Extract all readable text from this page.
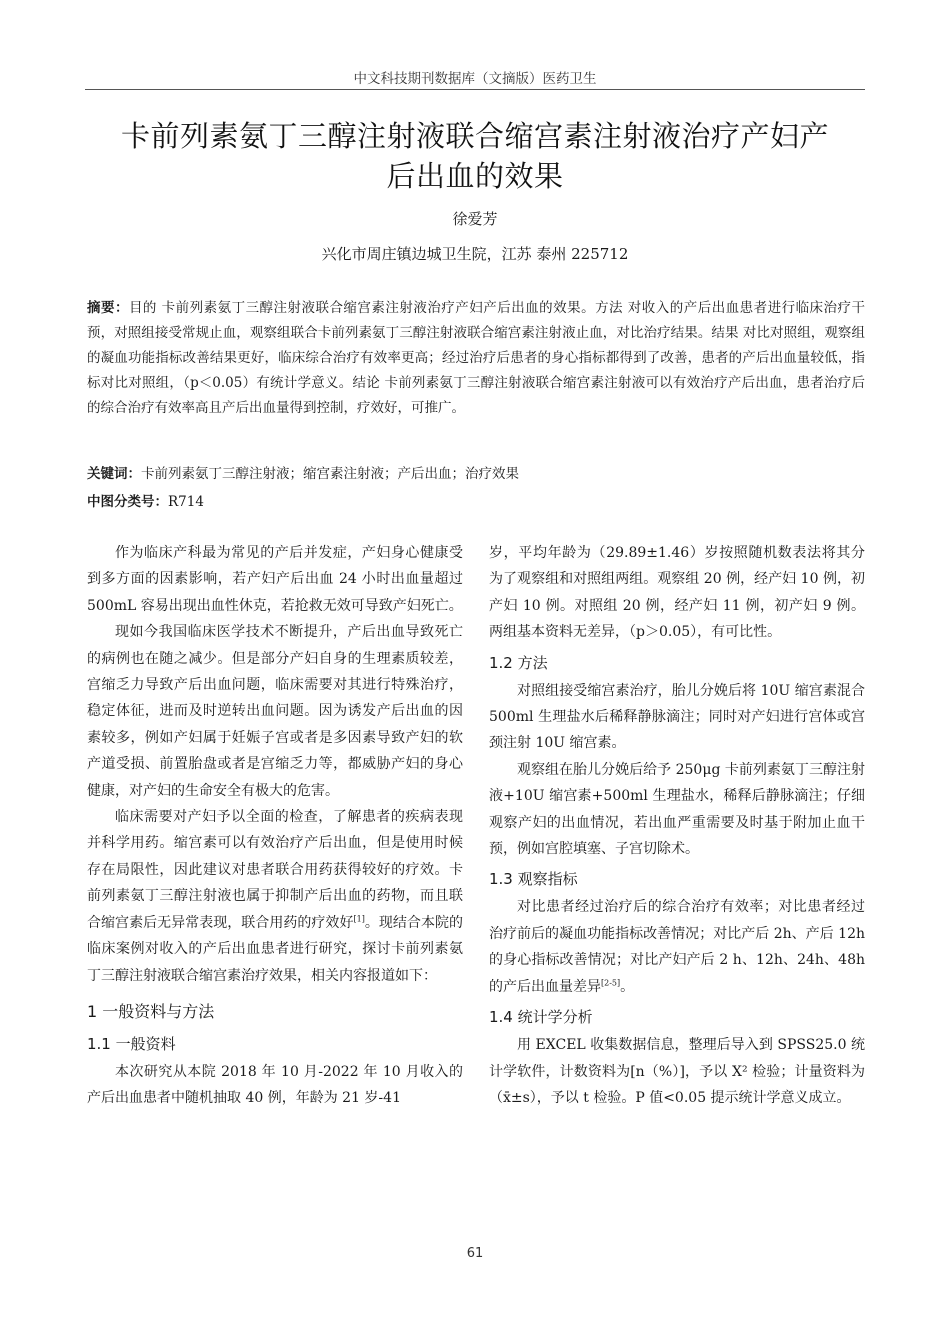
中文科技期刊数据库（文摘版）医药卫生
卡前列素氨丁三醇注射液联合缩宫素注射液治疗产妇产
后出血的效果
徐爱芳
兴化市周庄镇边城卫生院，江苏 泰州 225712
摘要：目的 卡前列素氨丁三醇注射液联合缩宫素注射液治疗产妇产后出血的效果。方法 对收入的产后出血患者进行临床治疗干预，对照组接受常规止血，观察组联合卡前列素氨丁三醇注射液联合缩宫素注射液止血，对比治疗结果。结果 对比对照组，观察组的凝血功能指标改善结果更好，临床综合治疗有效率更高；经过治疗后患者的身心指标都得到了改善，患者的产后出血量较低，指标对比对照组，（p＜0.05）有统计学意义。结论 卡前列素氨丁三醇注射液联合缩宫素注射液可以有效治疗产后出血，患者治疗后的综合治疗有效率高且产后出血量得到控制，疗效好，可推广。
关键词：卡前列素氨丁三醇注射液；缩宫素注射液；产后出血；治疗效果
中图分类号：R714

作为临床产科最为常见的产后并发症，产妇身心健康受到多方面的因素影响，若产妇产后出血 24 小时出血量超过 500mL 容易出现出血性休克，若抢救无效可导致产妇死亡。

现如今我国临床医学技术不断提升，产后出血导致死亡的病例也在随之减少。但是部分产妇自身的生理素质较差，宫缩乏力导致产后出血问题，临床需要对其进行特殊治疗，稳定体征，进而及时逆转出血问题。因为诱发产后出血的因素较多，例如产妇属于妊娠子宫或者是多因素导致产妇的软产道受损、前置胎盘或者是宫缩乏力等，都威胁产妇的身心健康，对产妇的生命安全有极大的危害。

临床需要对产妇予以全面的检查，了解患者的疾病表现并科学用药。缩宫素可以有效治疗产后出血，但是使用时候存在局限性，因此建议对患者联合用药获得较好的疗效。卡前列素氨丁三醇注射液也属于抑制产后出血的药物，而且联合缩宫素后无异常表现，联合用药的疗效好[1]。现结合本院的临床案例对收入的产后出血患者进行研究，探讨卡前列素氨丁三醇注射液联合缩宫素治疗效果，相关内容报道如下：

1 一般资料与方法
1.1 一般资料

本次研究从本院 2018 年 10 月-2022 年 10 月收入的产后出血患者中随机抽取 40 例，年龄为 21 岁-41

岁，平均年龄为（29.89±1.46）岁按照随机数表法将其分为了观察组和对照组两组。观察组 20 例，经产妇 10 例，初产妇 10 例。对照组 20 例，经产妇 11 例，初产妇 9 例。两组基本资料无差异，（p＞0.05），有可比性。

1.2 方法

对照组接受缩宫素治疗，胎儿分娩后将 10U 缩宫素混合 500ml 生理盐水后稀释静脉滴注；同时对产妇进行宫体或宫颈注射 10U 缩宫素。

观察组在胎儿分娩后给予 250μg 卡前列素氨丁三醇注射液+10U 缩宫素+500ml 生理盐水，稀释后静脉滴注；仔细观察产妇的出血情况，若出血严重需要及时基于附加止血干预，例如宫腔填塞、子宫切除术。

1.3 观察指标

对比患者经过治疗后的综合治疗有效率；对比患者经过治疗前后的凝血功能指标改善情况；对比产后 2h、产后 12h 的身心指标改善情况；对比产妇产后 2 h、12h、24h、48h 的产后出血量差异[2-5]。

1.4 统计学分析

用 EXCEL 收集数据信息，整理后导入到 SPSS25.0 统计学软件，计数资料为[n（%）]，予以 X² 检验；计量资料为（x̄±s），予以 t 检验。P 值<0.05 提示统计学意义成立。

61
